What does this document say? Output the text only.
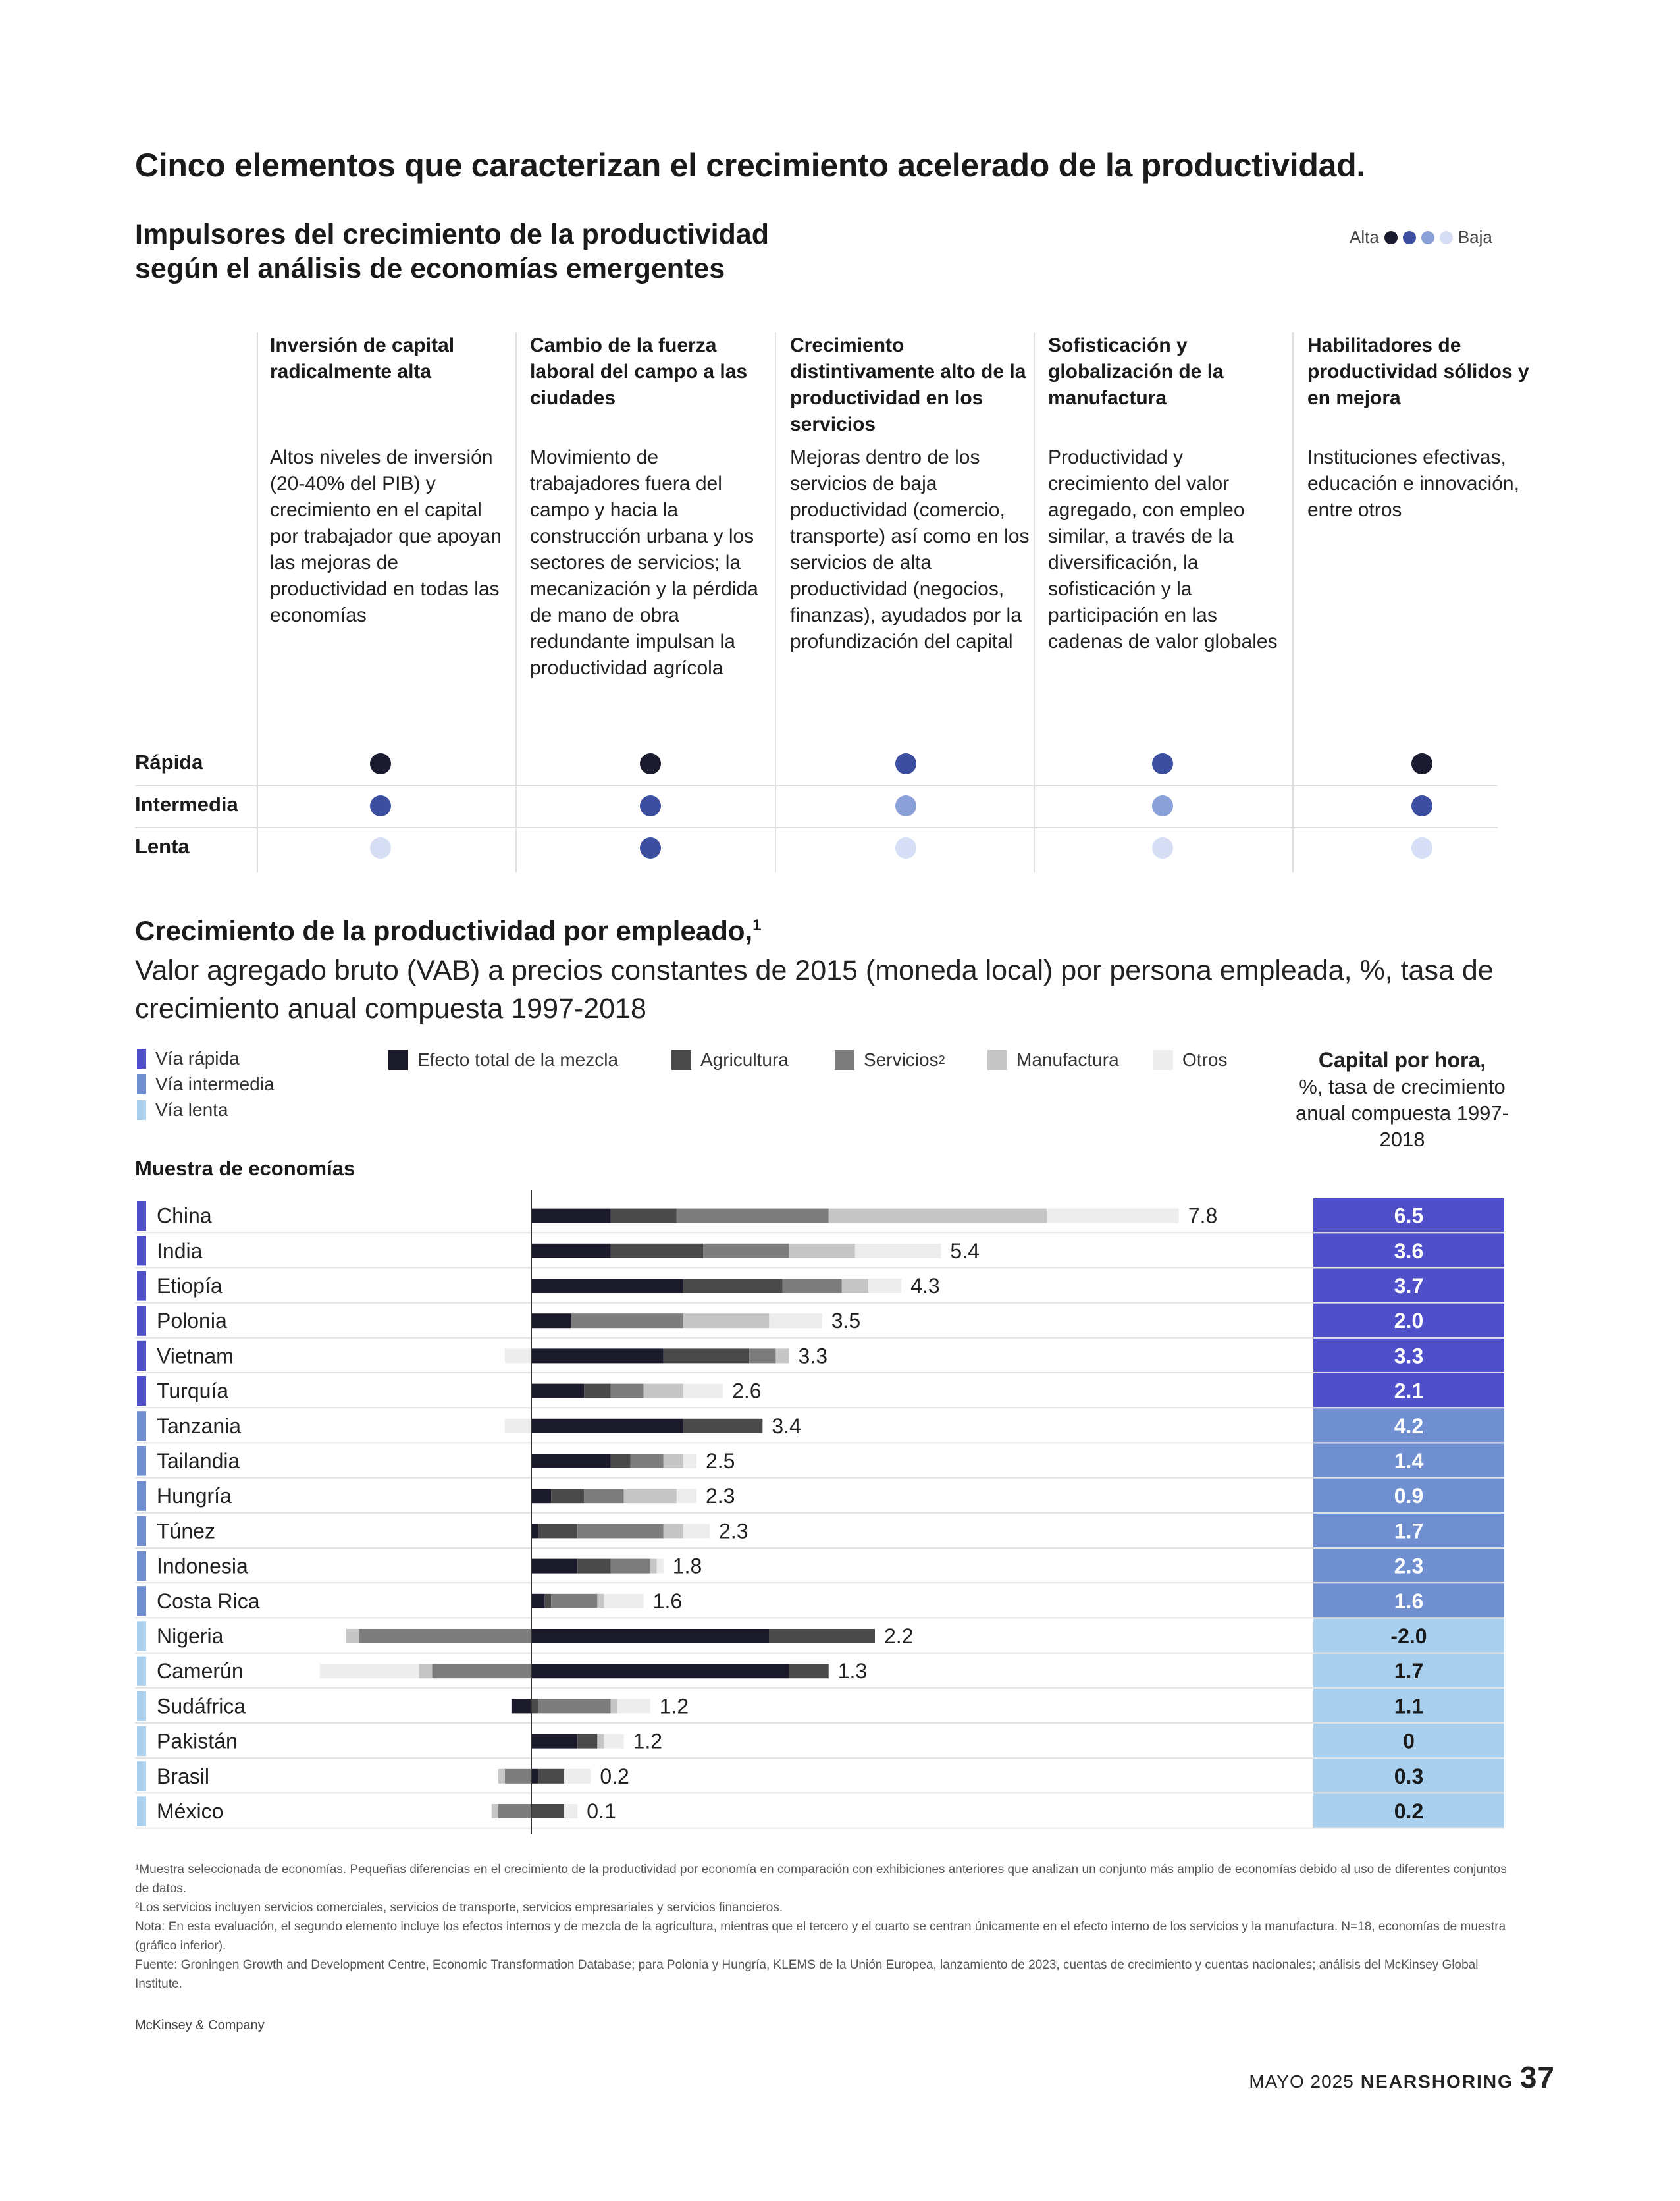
Cinco elementos que caracterizan el crecimiento acelerado de la productividad.
Impulsores del crecimiento de la productividad
según el análisis de economías emergentes
Alta	Baja
Inversión de capital radicalmente alta
Altos niveles de inversión (20-40% del PIB) y crecimiento en el capital por trabajador que apoyan las mejoras de productividad en todas las economías
Cambio de la fuerza laboral del campo a las ciudades
Movimiento de trabajadores fuera del campo y hacia la construcción urbana y los sectores de servicios; la mecanización y la pérdida de mano de obra redundante impulsan la productividad agrícola
Crecimiento distintivamente alto de la productividad en los servicios
Mejoras dentro de los servicios de baja productividad (comercio, transporte) así como en los servicios de alta productividad (negocios, finanzas), ayudados por la profundización del capital
Sofisticación y globalización de la manufactura
Productividad y crecimiento del valor agregado, con empleo similar, a través de la diversificación, la sofisticación y la participación en las cadenas de valor globales
Habilitadores de productividad sólidos y en mejora
Instituciones efectivas, educación e innovación, entre otros
Rápida
Intermedia
Lenta
Crecimiento de la productividad por empleado,$^1$
Valor agregado bruto (VAB) a precios constantes de 2015 (moneda local) por persona empleada, %, tasa de crecimiento anual compuesta 1997-2018
Vía rápida
Vía intermedia
Vía lenta
Efecto total de la mezcla	Agricultura	Servicios 2	Manufactura	Otros	Capital por hora,
%, tasa de crecimiento anual compuesta 1997-2018
Muestra de economías
China	7.8	6.5
India	5.4	3.6
Etiopía	4.3	3.7
Polonia	3.5	2.0
Vietnam	3.3	3.3
Turquía	2.6	2.1
Tanzania	3.4	4.2
Tailandia	2.5	1.4
Hungría	2.3	0.9
Túnez	2.3	1.7
Indonesia	1.8	2.3
Costa Rica	1.6	1.6
Nigeria	2.2	-2.0
Camerún	1.3	1.7
Sudáfrica	1.2	1.1
Pakistán	1.2	0
Brasil	0.2	0.3
México	0.1	0.2

¹Muestra seleccionada de economías. Pequeñas diferencias en el crecimiento de la productividad por economía en comparación con exhibiciones anteriores que analizan un conjunto más amplio de economías debido al uso de diferentes conjuntos de datos.

²Los servicios incluyen servicios comerciales, servicios de transporte, servicios empresariales y servicios financieros.

Nota: En esta evaluación, el segundo elemento incluye los efectos internos y de mezcla de la agricultura, mientras que el tercero y el cuarto se centran únicamente en el efecto interno de los servicios y la manufactura. N=18, economías de muestra (gráfico inferior).

Fuente: Groningen Growth and Development Centre, Economic Transformation Database; para Polonia y Hungría, KLEMS de la Unión Europea, lanzamiento de 2023, cuentas de crecimiento y cuentas nacionales; análisis del McKinsey Global Institute.

McKinsey & Company
MAYO 2025 NEARSHORING 37
